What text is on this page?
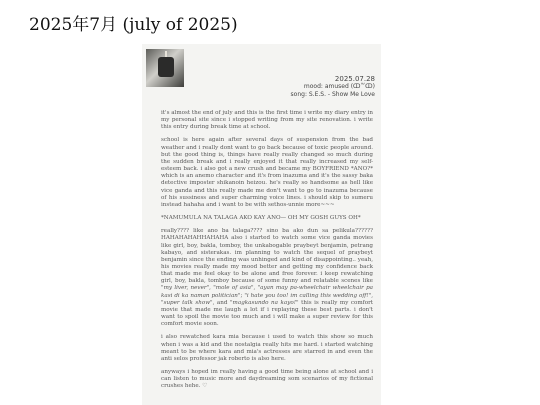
2025年7月 (july of 2025)
2025.07.28
mood: amused (ↀ꒳ↀ)
song: S.E.S. - Show Me Love

it's almost the end of july and this is the first time i write my diary entry in my personal site since i stopped writing from my site renovation. i write this entry during break time at school.

school is here again after several days of suspension from the bad weather and i really dont want to go back because of toxic people around. but the good thing is, things have really really changed so much during the sudden break and i really enjoyed it that really increased my self-esteem back. i also got a new crush and became my BOYFRIEND *ANO?* which is an anemo character and it's from inazuma and it's the sassy baka detective imposter shikanoin heizou. he's really so handsome as hell like vice ganda and this really made me don't want to go to inazuma because of his sussiness and super charming voice lines. i should skip to sumeru instead hahaha and i want to be with sethos-unnie more~~~

*NAMUMULA NA TALAGA AKO KAY ANO— OH MY GOSH GUYS OH*

really???? like ano ba talaga???? sino ba ako dun sa pelikula?????? HAHAHAHAHHAHAHA also i started to watch some vice ganda movies like girl, boy, bakla, tomboy, the unkabogable praybeyt benjamin, petrang kabayo, and sisterakas. im planning to watch the sequel of praybeyt benjamin since the ending was unhinged and kind of disappointing.. yeah, his movies really made my mood better and getting my confidence back that made me feel okay to be alone and free forever. i keep rewatching girl, boy, bakla, tomboy because of some funny and relatable scenes like "my liver, never", "mole of asia", "ayan may pa-wheelchair wheelchair pa kasi di ka naman politician"; "i hate you too! im calling this wedding off!", "super talk show", and "magkasundo na kayo!" this is really my comfort movie that made me laugh a lot if i replaying these best parts. i don't want to spoil the movie too much and i will make a super review for this comfort movie soon.

i also rewatched kara mia because i used to watch this show so much when i was a kid and the nostalgia really hits me hard. i started watching meant to be where kara and mia's actresses are starred in and even the anti selos professor jak roberto is also here.

anyways i hoped im really having a good time being alone at school and i can listen to music more and daydreaming som scenarios of my fictional crushes hehe. ♡
